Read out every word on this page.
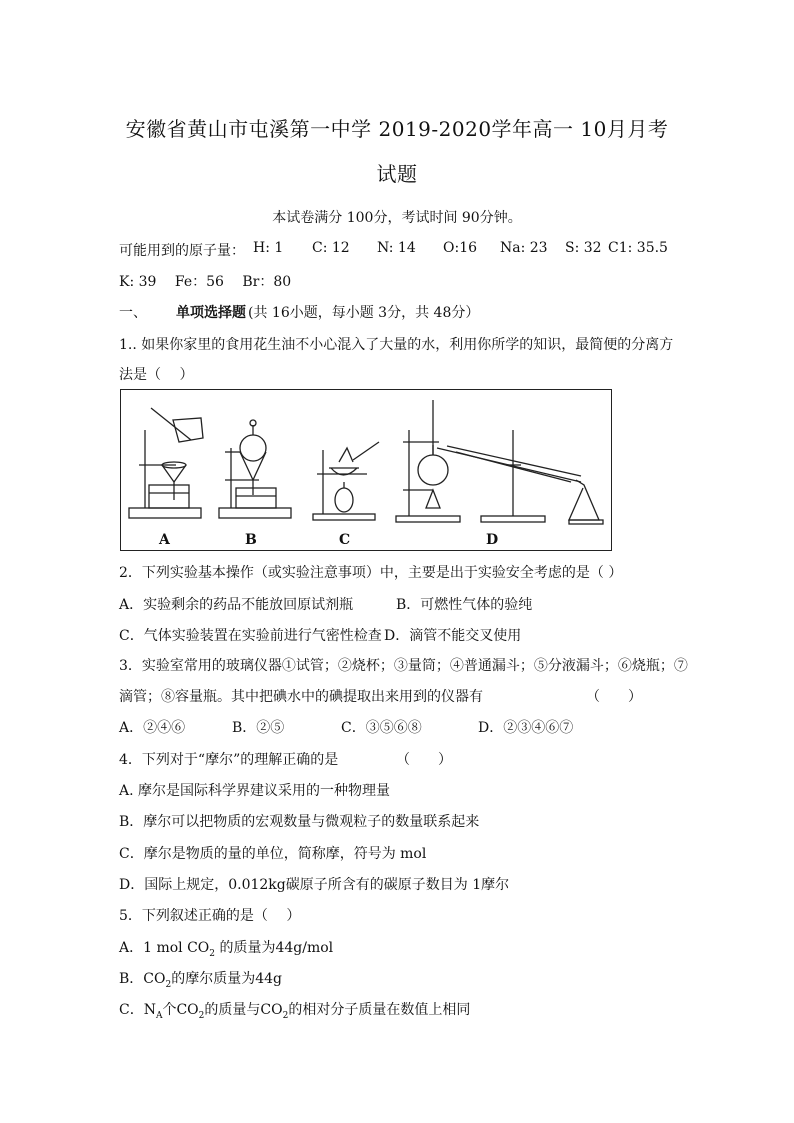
安徽省黄山市屯溪第一中学 2019-2020学年高一 10月月考
试题
本试卷满分 100分，考试时间 90分钟。
可能用到的原子量： H: 1 C: 12 N: 14 O:16 Na: 23 S: 32 C1: 35.5
K: 39　 Fe：56　 Br：80
一、 单项选择题 (共 16小题，每小题 3分，共 48分）
1.. 如果你家里的食用花生油不小心混入了大量的水，利用你所学的知识，最简便的分离方
法是（　 ）
A	B	C	D
2．下列实验基本操作（或实验注意事项）中，主要是出于实验安全考虑的是（ ）
A．实验剩余的药品不能放回原试剂瓶	B．可燃性气体的验纯
C．气体实验装置在实验前进行气密性检查 D．滴管不能交叉使用
3．实验室常用的玻璃仪器①试管；②烧杯；③量筒；④普通漏斗；⑤分液漏斗；⑥烧瓶；⑦
滴管；⑧容量瓶。其中把碘水中的碘提取出来用到的仪器有	（　　）
A．②④⑥	B．②⑤	C．③⑤⑥⑧	D．②③④⑥⑦
4．下列对于“摩尔”的理解正确的是	（　　）
A. 摩尔是国际科学界建议采用的一种物理量
B．摩尔可以把物质的宏观数量与微观粒子的数量联系起来
C．摩尔是物质的量的单位，简称摩，符号为 mol
D．国际上规定，0.012kg碳原子所含有的碳原子数目为 1摩尔
5．下列叙述正确的是（　 ）
A．1 mol $CO_2$ 的质量为44g/mol
B．$CO_2$的摩尔质量为44g
C．$N_A$个$CO_2$的质量与$CO_2$的相对分子质量在数值上相同
